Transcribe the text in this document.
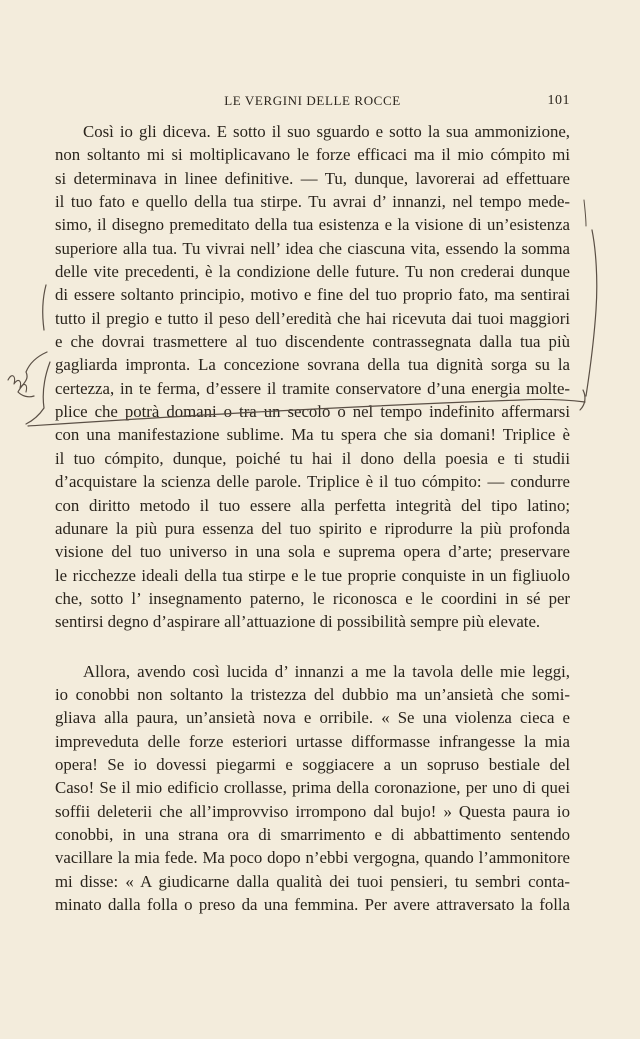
LE VERGINI DELLE ROCCE	101
Così io gli diceva. E sotto il suo sguardo e sotto la sua ammonizione,
non soltanto mi si moltiplicavano le forze efficaci ma il mio cómpito mi
si determinava in linee definitive. — Tu, dunque, lavorerai ad effettuare
il tuo fato e quello della tua stirpe. Tu avrai d’ innanzi, nel tempo mede-
simo, il disegno premeditato della tua esistenza e la visione di un’esistenza
superiore alla tua. Tu vivrai nell’ idea che ciascuna vita, essendo la somma
delle vite precedenti, è la condizione delle future. Tu non crederai dunque
di essere soltanto principio, motivo e fine del tuo proprio fato, ma sentirai
tutto il pregio e tutto il peso dell’eredità che hai ricevuta dai tuoi maggiori
e che dovrai trasmettere al tuo discendente contrassegnata dalla tua più
gagliarda impronta. La concezione sovrana della tua dignità sorga su la
certezza, in te ferma, d’essere il tramite conservatore d’una energia molte-
plice che potrà domani o tra un secolo o nel tempo indefinito affermarsi
con una manifestazione sublime. Ma tu spera che sia domani! Triplice è
il tuo cómpito, dunque, poiché tu hai il dono della poesia e ti studii
d’acquistare la scienza delle parole. Triplice è il tuo cómpito: — condurre
con diritto metodo il tuo essere alla perfetta integrità del tipo latino;
adunare la più pura essenza del tuo spirito e riprodurre la più profonda
visione del tuo universo in una sola e suprema opera d’arte; preservare
le ricchezze ideali della tua stirpe e le tue proprie conquiste in un figliuolo
che, sotto l’ insegnamento paterno, le riconosca e le coordini in sé per
sentirsi degno d’aspirare all’attuazione di possibilità sempre più elevate.
Allora, avendo così lucida d’ innanzi a me la tavola delle mie leggi,
io conobbi non soltanto la tristezza del dubbio ma un’ansietà che somi-
gliava alla paura, un’ansietà nova e orribile. « Se una violenza cieca e
impreveduta delle forze esteriori urtasse difformasse infrangesse la mia
opera! Se io dovessi piegarmi e soggiacere a un sopruso bestiale del
Caso! Se il mio edificio crollasse, prima della coronazione, per uno di quei
soffii deleterii che all’improvviso irrompono dal bujo! » Questa paura io
conobbi, in una strana ora di smarrimento e di abbattimento sentendo
vacillare la mia fede. Ma poco dopo n’ebbi vergogna, quando l’ammonitore
mi disse: « A giudicarne dalla qualità dei tuoi pensieri, tu sembri conta-
minato dalla folla o preso da una femmina. Per avere attraversato la folla
